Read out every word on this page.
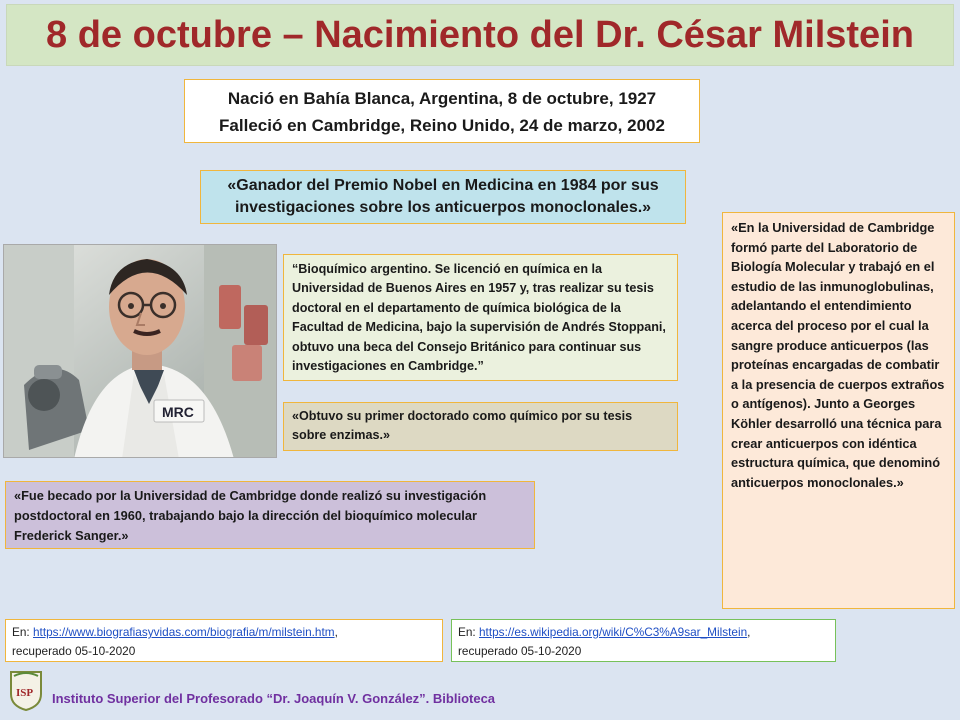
8 de octubre – Nacimiento del Dr. César Milstein
Nació en Bahía Blanca, Argentina, 8 de octubre, 1927
Falleció en Cambridge, Reino Unido, 24 de marzo, 2002
«Ganador del Premio Nobel en Medicina en 1984 por sus investigaciones sobre los anticuerpos monoclonales.»
MRC
“Bioquímico argentino. Se licenció en química en la Universidad de Buenos Aires en 1957 y, tras realizar su tesis doctoral en el departamento de química biológica de la Facultad de Medicina, bajo la supervisión de Andrés Stoppani, obtuvo una beca del Consejo Británico para continuar sus investigaciones en Cambridge.”
«Obtuvo su primer doctorado como químico por su tesis sobre enzimas.»
«En la Universidad de Cambridge formó parte del Laboratorio de Biología Molecular y trabajó en el estudio de las inmunoglobulinas, adelantando el entendimiento acerca del proceso por el cual la sangre produce anticuerpos (las proteínas encargadas de combatir a la presencia de cuerpos extraños o antígenos). Junto a Georges Köhler desarrolló una técnica para crear anticuerpos con idéntica estructura química, que denominó anticuerpos monoclonales.»
«Fue becado por la Universidad de Cambridge donde realizó su investigación postdoctoral en 1960, trabajando bajo la dirección del bioquímico molecular Frederick Sanger.»
En: https://www.biografiasyvidas.com/biografia/m/milstein.htm,
recuperado 05-10-2020
En: https://es.wikipedia.org/wiki/C%C3%A9sar_Milstein,
recuperado 05-10-2020
ISP Instituto Superior del Profesorado “Dr. Joaquín V. González”. Biblioteca
